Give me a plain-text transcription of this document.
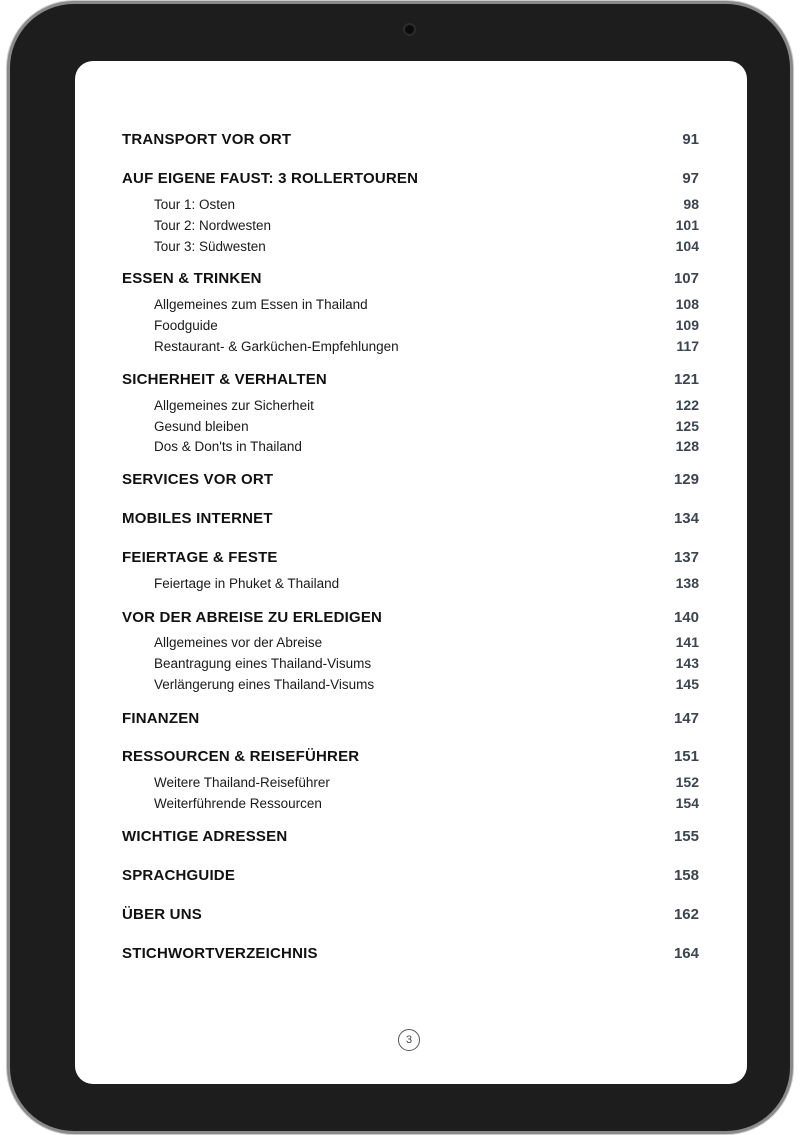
TRANSPORT VOR ORT	91
AUF EIGENE FAUST: 3 ROLLERTOUREN	97
Tour 1: Osten	98
Tour 2: Nordwesten	101
Tour 3: Südwesten	104
ESSEN & TRINKEN	107
Allgemeines zum Essen in Thailand	108
Foodguide	109
Restaurant- & Garküchen-Empfehlungen	117
SICHERHEIT & VERHALTEN	121
Allgemeines zur Sicherheit	122
Gesund bleiben	125
Dos & Don'ts in Thailand	128
SERVICES VOR ORT	129
MOBILES INTERNET	134
FEIERTAGE & FESTE	137
Feiertage in Phuket & Thailand	138
VOR DER ABREISE ZU ERLEDIGEN	140
Allgemeines vor der Abreise	141
Beantragung eines Thailand-Visums	143
Verlängerung eines Thailand-Visums	145
FINANZEN	147
RESSOURCEN & REISEFÜHRER	151
Weitere Thailand-Reiseführer	152
Weiterführende Ressourcen	154
WICHTIGE ADRESSEN	155
SPRACHGUIDE	158
ÜBER UNS	162
STICHWORTVERZEICHNIS	164
3
